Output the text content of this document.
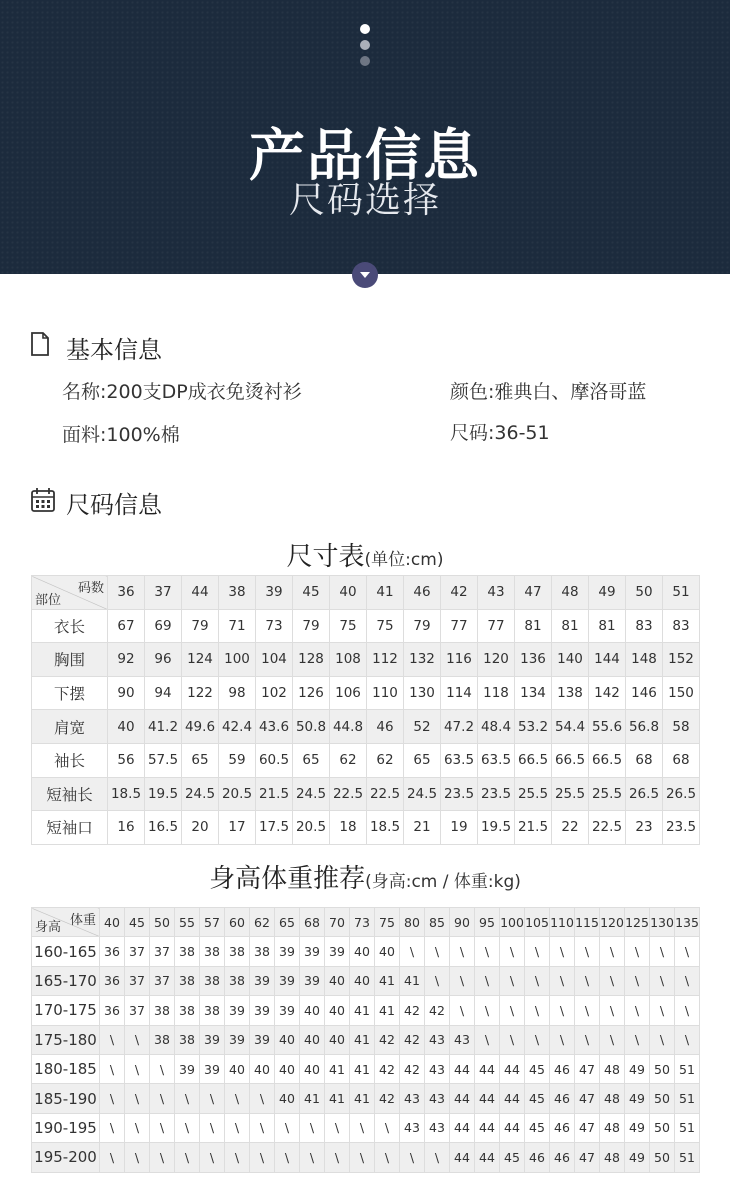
产品信息
尺码选择
基本信息
名称:200支DP成衣免烫衬衫	颜色:雅典白、摩洛哥蓝
面料:100%棉	尺码:36-51
尺码信息
尺寸表(单位:cm)
码数
部位	36	37	44	38	39	45	40	41	46	42	43	47	48	49	50	51
衣长	67	69	79	71	73	79	75	75	79	77	77	81	81	81	83	83
胸围	92	96	124	100	104	128	108	112	132	116	120	136	140	144	148	152
下摆	90	94	122	98	102	126	106	110	130	114	118	134	138	142	146	150
肩宽	40	41.2	49.6	42.4	43.6	50.8	44.8	46	52	47.2	48.4	53.2	54.4	55.6	56.8	58
袖长	56	57.5	65	59	60.5	65	62	62	65	63.5	63.5	66.5	66.5	66.5	68	68
短袖长	18.5	19.5	24.5	20.5	21.5	24.5	22.5	22.5	24.5	23.5	23.5	25.5	25.5	25.5	26.5	26.5
短袖口	16	16.5	20	17	17.5	20.5	18	18.5	21	19	19.5	21.5	22	22.5	23	23.5
身高体重推荐(身高:cm / 体重:kg)
体重
身高	40	45	50	55	57	60	62	65	68	70	73	75	80	85	90	95	100	105	110	115	120	125	130	135
160-165	36	37	37	38	38	38	38	39	39	39	40	40	\	\	\	\	\	\	\	\	\	\	\	\
165-170	36	37	37	38	38	38	39	39	39	40	40	41	41	\	\	\	\	\	\	\	\	\	\	\
170-175	36	37	38	38	38	39	39	39	40	40	41	41	42	42	\	\	\	\	\	\	\	\	\	\
175-180	\	\	38	38	39	39	39	40	40	40	41	42	42	43	43	\	\	\	\	\	\	\	\	\
180-185	\	\	\	39	39	40	40	40	40	41	41	42	42	43	44	44	44	45	46	47	48	49	50	51
185-190	\	\	\	\	\	\	\	40	41	41	41	42	43	43	44	44	44	45	46	47	48	49	50	51
190-195	\	\	\	\	\	\	\	\	\	\	\	\	43	43	44	44	44	45	46	47	48	49	50	51
195-200	\	\	\	\	\	\	\	\	\	\	\	\	\	\	44	44	45	46	46	47	48	49	50	51
